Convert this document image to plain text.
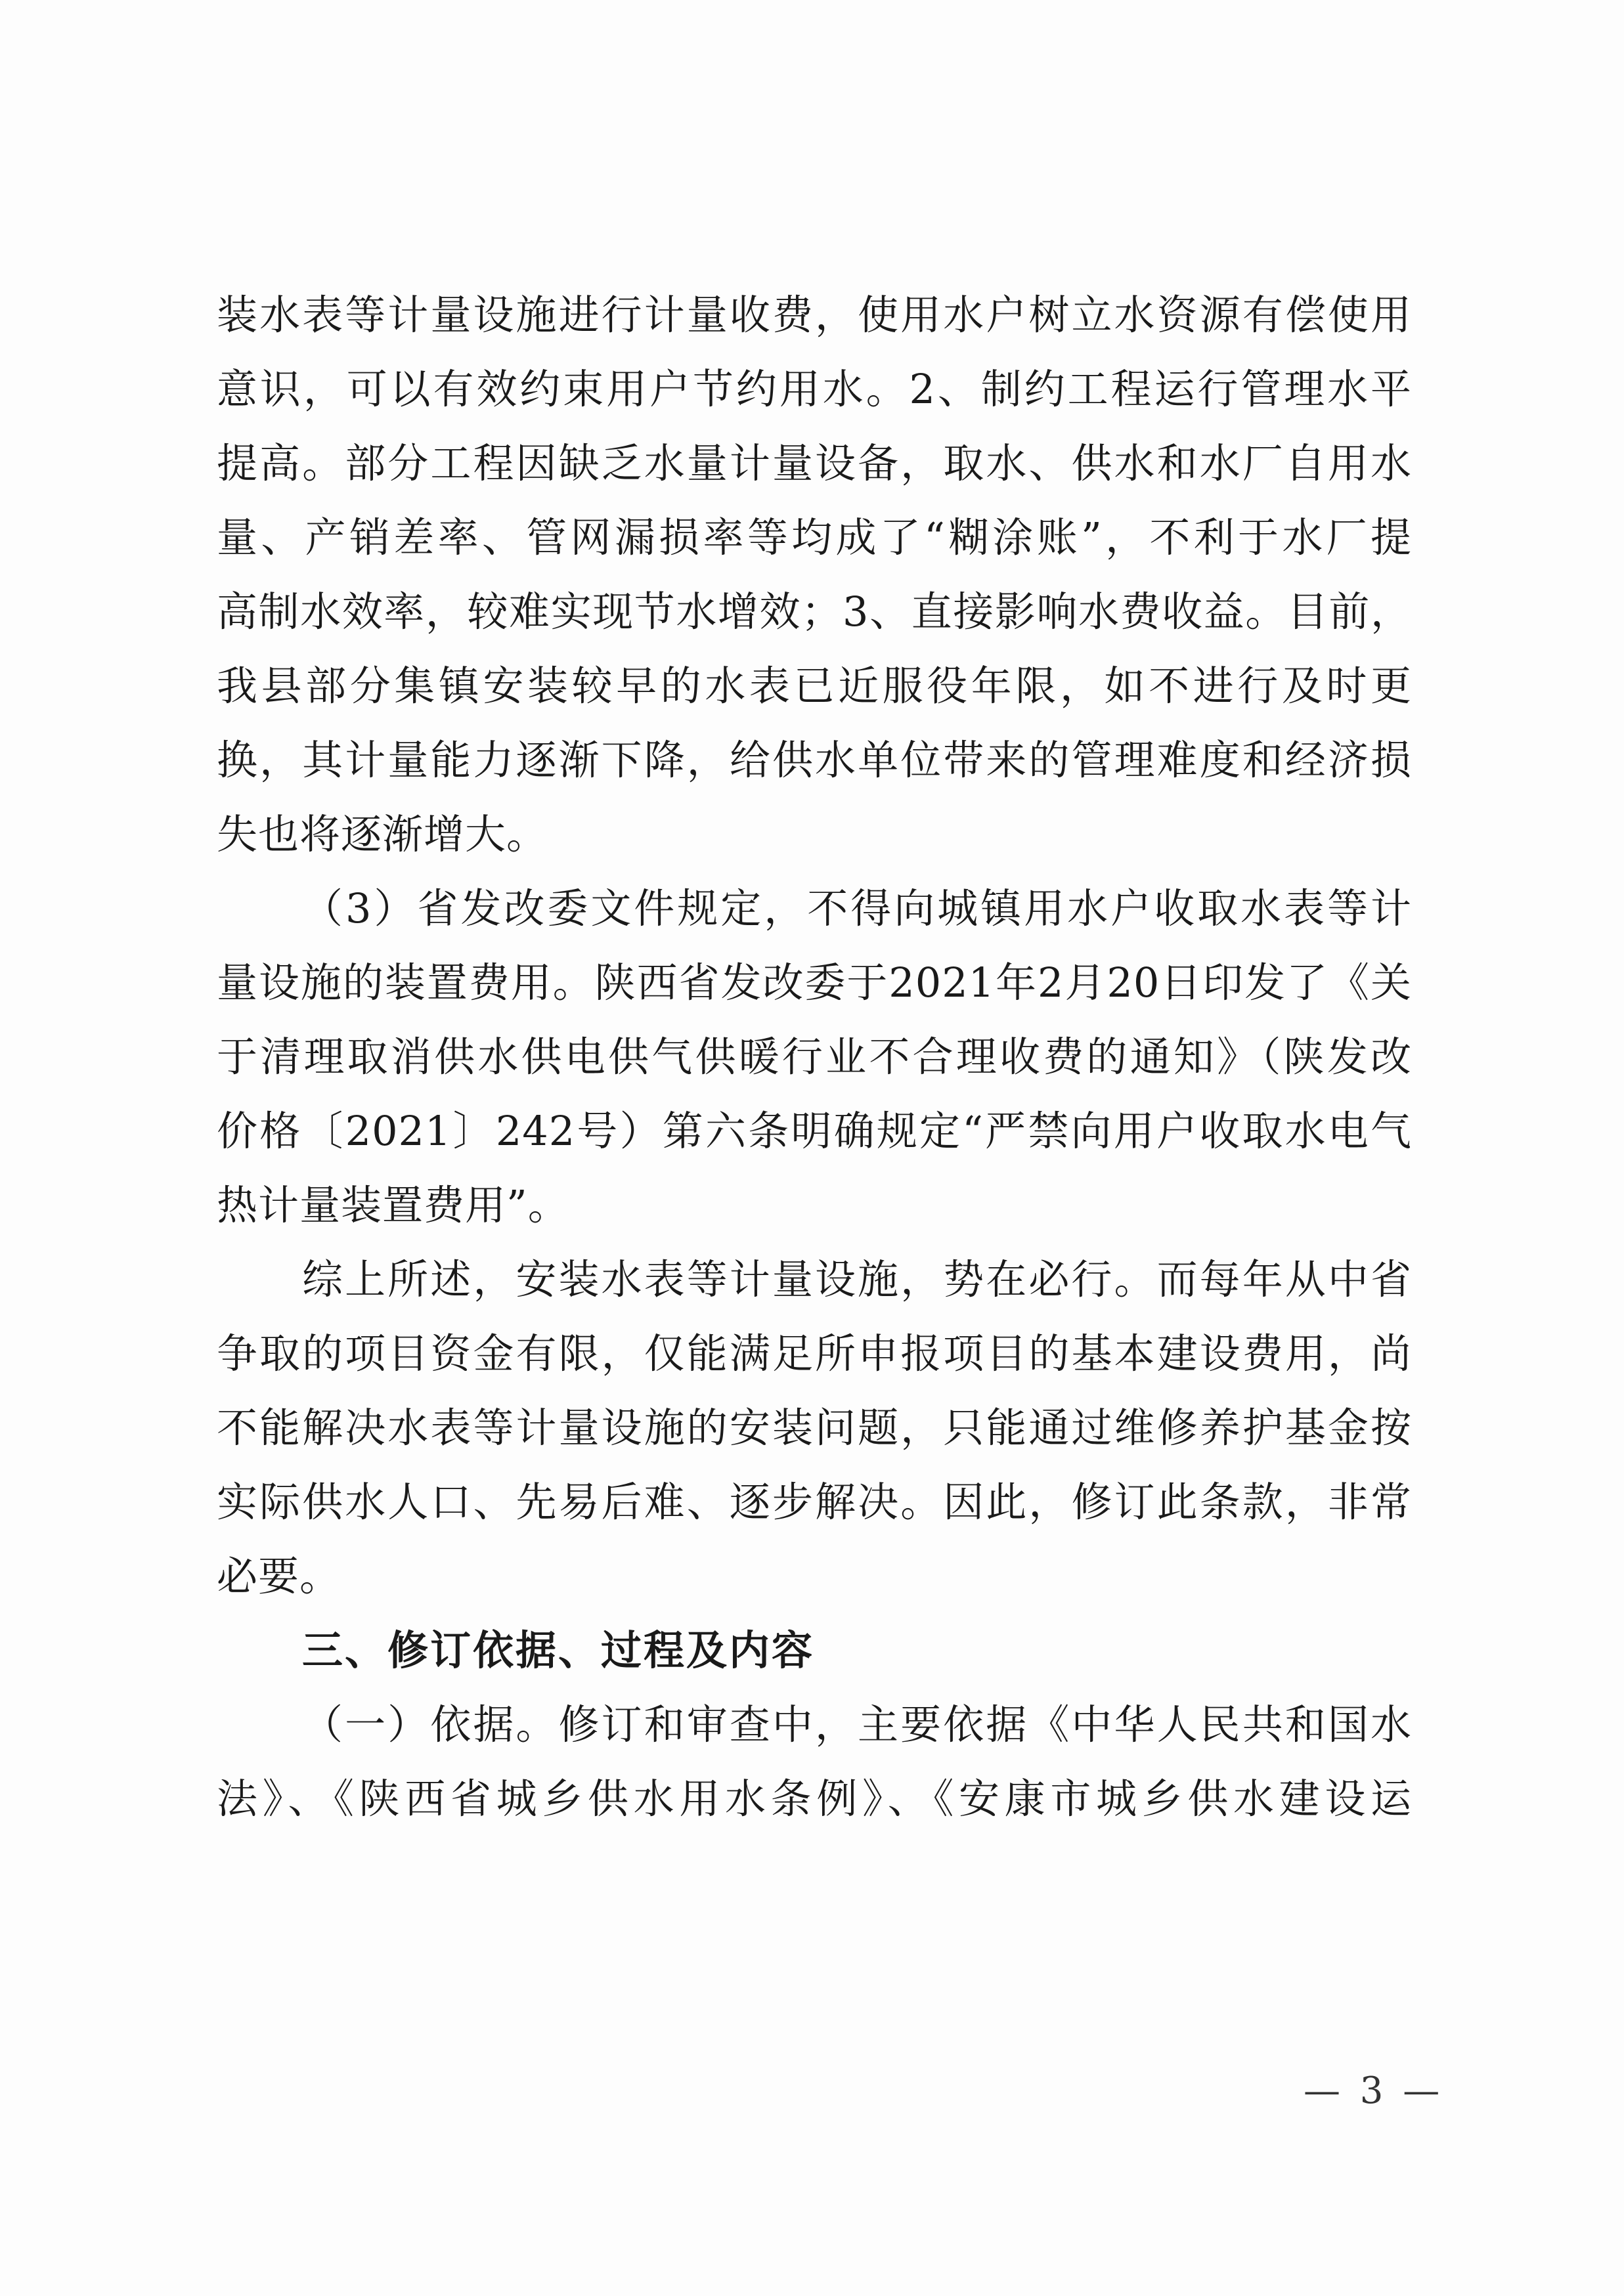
装水表等计量设施进行计量收费，使用水户树立水资源有偿使用
意识，可以有效约束用户节约用水。2、制约工程运行管理水平
提高。部分工程因缺乏水量计量设备，取水、供水和水厂自用水
量、产销差率、管网漏损率等均成了“糊涂账”，不利于水厂提
高制水效率，较难实现节水增效；3、直接影响水费收益。目前，
我县部分集镇安装较早的水表已近服役年限，如不进行及时更
换，其计量能力逐渐下降，给供水单位带来的管理难度和经济损
失也将逐渐增大。
（3）省发改委文件规定，不得向城镇用水户收取水表等计
量设施的装置费用。陕西省发改委于2021年2月20日印发了《关
于清理取消供水供电供气供暖行业不合理收费的通知》（陕发改
价格〔2021〕242号）第六条明确规定“严禁向用户收取水电气
热计量装置费用”。
综上所述，安装水表等计量设施，势在必行。而每年从中省
争取的项目资金有限，仅能满足所申报项目的基本建设费用，尚
不能解决水表等计量设施的安装问题，只能通过维修养护基金按
实际供水人口、先易后难、逐步解决。因此，修订此条款，非常
必要。
三、修订依据、过程及内容
（一）依据。修订和审查中，主要依据《中华人民共和国水
法》、《陕西省城乡供水用水条例》、《安康市城乡供水建设运
— 3 —
